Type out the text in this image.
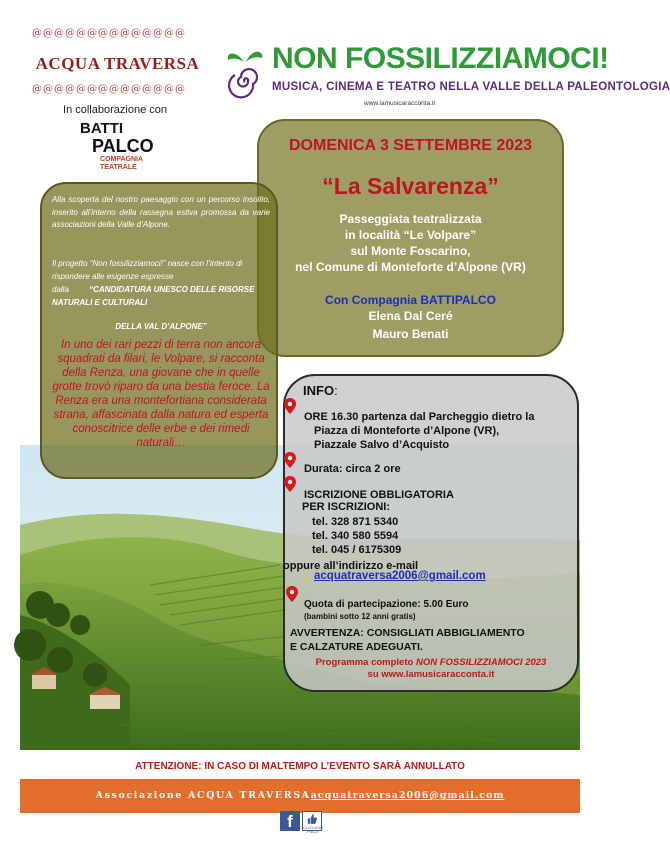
@@@@@@@@@@@@@@
ACQUA TRAVERSA
@@@@@@@@@@@@@@
In collaborazione con
BATTI
PALCO
COMPAGNIA TEATRALE
NON FOSSILIZZIAMOCI!
MUSICA, CINEMA E TEATRO NELLA VALLE DELLA PALEONTOLOGIA
www.lamusicaracconta.it
DOMENICA 3 SETTEMBRE 2023
“La Salvarenza”
Passeggiata teatralizzata
in località “Le Volpare”
sul Monte Foscarino,
nel Comune di Monteforte d’Alpone (VR)
Con Compagnia BATTIPALCO
Elena Dal Ceré
Mauro Benati
Alla scoperta del nostro paesaggio con un percorso insolito, inserito all’interno della rassegna estiva promossa da varie associazioni della Valle d’Alpone.
Il progetto “Non fossilizziamoci!” nasce con l’intento di rispondere alle esigenze espresse
dalla	“CANDIDATURA UNESCO DELLE RISORSE NATURALI E CULTURALI
DELLA VAL D’ALPONE”
In uno dei rari pezzi di terra non ancora squadrati da filari, le Volpare, si racconta della Renza, una giovane che in quelle grotte trovò riparo da una bestia feroce. La Renza era una montefortiana considerata strana, affascinata dalla natura ed esperta conoscitrice delle erbe e dei rimedi naturali…
INFO:
ORE 16.30 partenza dal Parcheggio dietro la
Piazza di Monteforte d’Alpone (VR),
Piazzale Salvo d’Acquisto
Durata: circa 2 ore
ISCRIZIONE OBBLIGATORIA
PER ISCRIZIONI:
tel. 328 871 5340
tel. 340 580 5594
tel. 045 / 6175309
oppure all’indirizzo e-mail
acquatraversa2006@gmail.com
Quota di partecipazione: 5.00 Euro
(bambini sotto 12 anni gratis)
AVVERTENZA: CONSIGLIATI ABBIGLIAMENTO
E CALZATURE ADEGUATI.
Programma completo NON FOSSILIZZIAMOCI 2023
su www.lamusicaracconta.it
ATTENZIONE: IN CASO DI MALTEMPO L’EVENTO SARÀ ANNULLATO
Associazione ACQUA TRAVERSAacquatraversa2006@gmail.com
f	CLICCA MI PIACE
